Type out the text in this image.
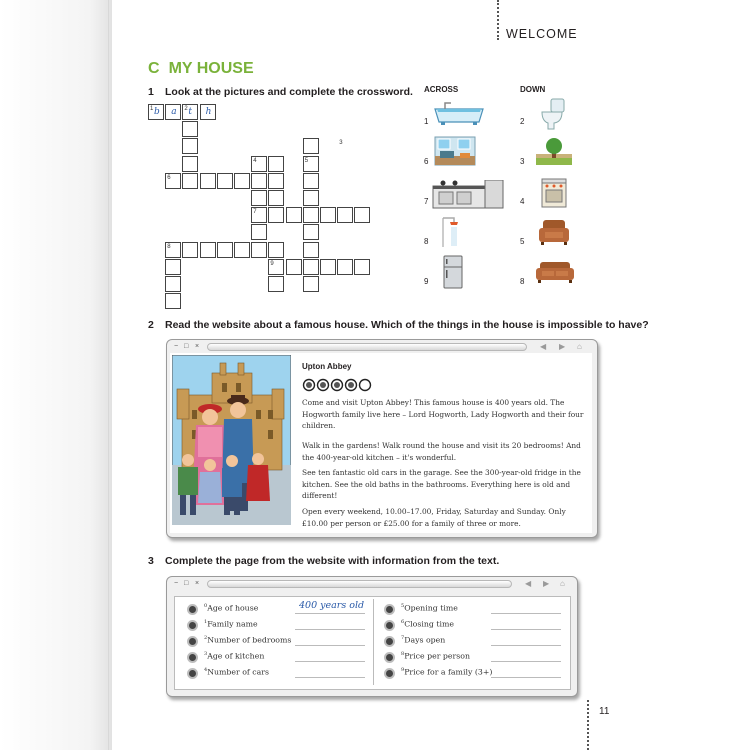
WELCOME
C MY HOUSE
1 Look at the pictures and complete the crossword.
1	2
3
4	5
6
7
8
9
b a t h
ACROSS	DOWN
1
6
7
8
9
2
3
4
5
8
2 Read the website about a famous house. Which of the things in the house is impossible to have?
− □ ×	◀ ▶ ⌂
Upton Abbey
Come and visit Upton Abbey! This famous house is 400 years old. The Hogworth family live here – Lord Hogworth, Lady Hogworth and their four children.
Walk in the gardens! Walk round the house and visit its 20 bedrooms! And the 400-year-old kitchen – it's wonderful.
See ten fantastic old cars in the garage. See the 300-year-old fridge in the kitchen. See the old baths in the bathrooms. Everything here is old and different!
Open every weekend, 10.00–17.00, Friday, Saturday and Sunday. Only £10.00 per person or £25.00 for a family of three or more.
3 Complete the page from the website with information from the text.
− □ ×	◀ ▶ ⌂
$^0$Age of house	400 years old
$^1$Family name
$^2$Number of bedrooms
$^3$Age of kitchen
$^4$Number of cars
$^5$Opening time
$^6$Closing time
$^7$Days open
$^8$Price per person
$^9$Price for a family (3+)
11
